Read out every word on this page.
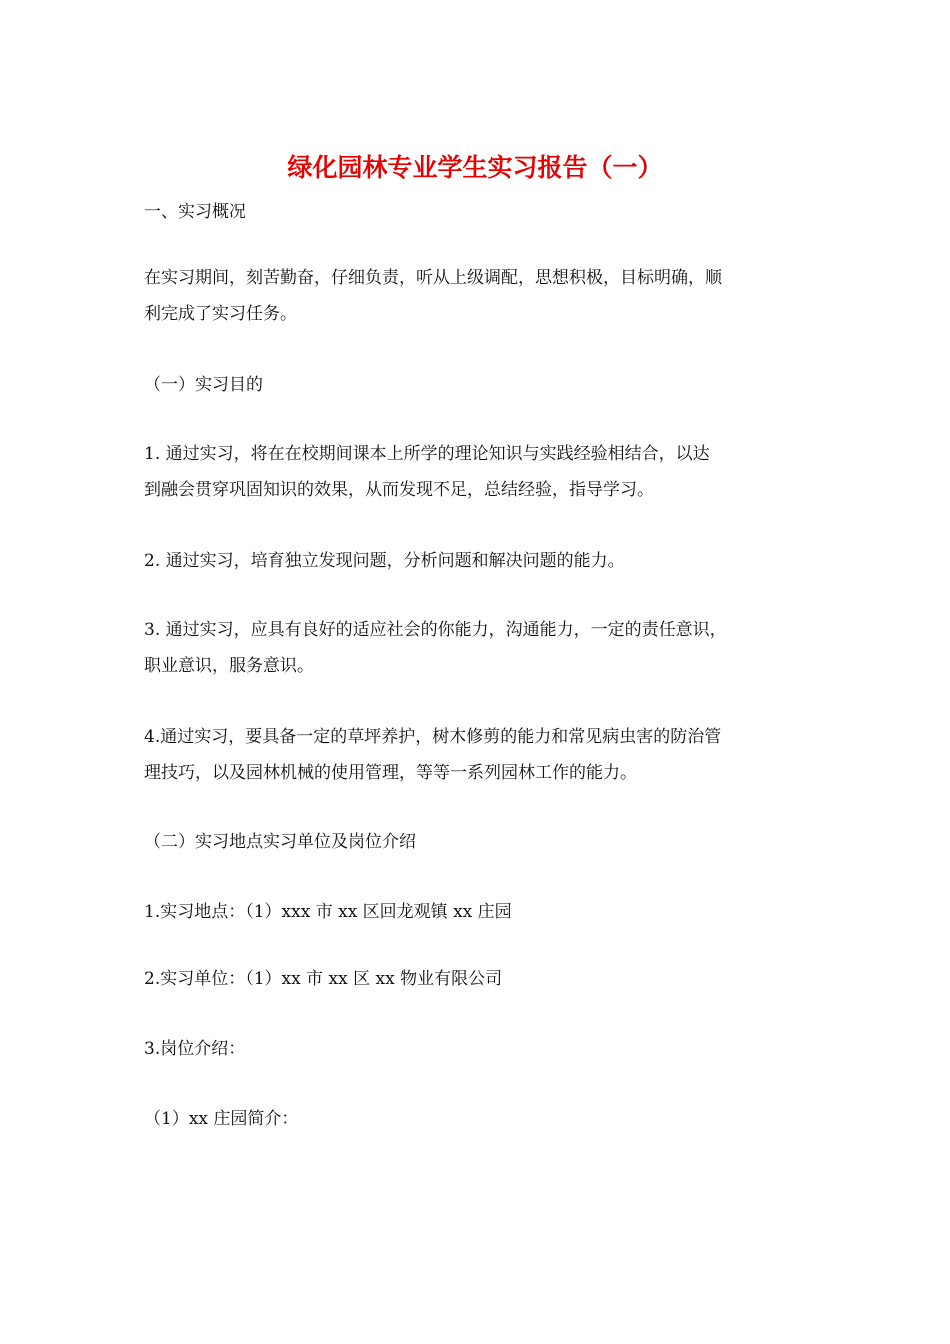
绿化园林专业学生实习报告（一）
一、实习概况
在实习期间，刻苦勤奋，仔细负责，听从上级调配，思想积极，目标明确，顺
利完成了实习任务。
（一）实习目的
1. 通过实习，将在在校期间课本上所学的理论知识与实践经验相结合，以达
到融会贯穿巩固知识的效果，从而发现不足，总结经验，指导学习。
2. 通过实习，培育独立发现问题，分析问题和解决问题的能力。
3. 通过实习，应具有良好的适应社会的你能力，沟通能力，一定的责任意识，
职业意识，服务意识。
4.通过实习，要具备一定的草坪养护，树木修剪的能力和常见病虫害的防治管
理技巧，以及园林机械的使用管理，等等一系列园林工作的能力。
（二）实习地点实习单位及岗位介绍
1.实习地点：（1）xxx 市 xx 区回龙观镇 xx 庄园
2.实习单位：（1）xx 市 xx 区 xx 物业有限公司
3.岗位介绍：
（1）xx 庄园简介：
